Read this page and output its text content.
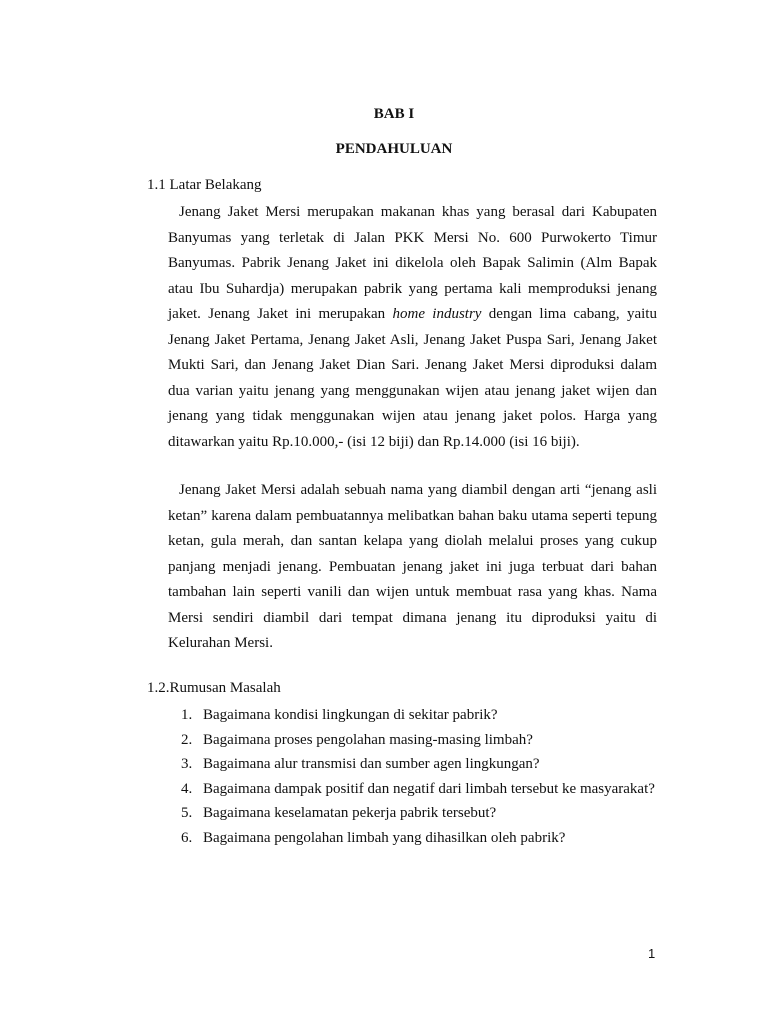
BAB I
PENDAHULUAN
1.1 Latar Belakang
Jenang Jaket Mersi merupakan makanan khas yang berasal dari Kabupaten Banyumas yang terletak di Jalan PKK Mersi No. 600 Purwokerto Timur Banyumas. Pabrik Jenang Jaket ini dikelola oleh Bapak Salimin (Alm Bapak atau Ibu Suhardja) merupakan pabrik yang pertama kali memproduksi jenang jaket. Jenang Jaket ini merupakan home industry dengan lima cabang, yaitu Jenang Jaket Pertama, Jenang Jaket Asli, Jenang Jaket Puspa Sari, Jenang Jaket Mukti Sari, dan Jenang Jaket Dian Sari. Jenang Jaket Mersi diproduksi dalam dua varian yaitu jenang yang menggunakan wijen atau jenang jaket wijen dan jenang yang tidak menggunakan wijen atau jenang jaket polos. Harga yang ditawarkan yaitu Rp.10.000,- (isi 12 biji) dan Rp.14.000 (isi 16 biji).
Jenang Jaket Mersi adalah sebuah nama yang diambil dengan arti “jenang asli ketan” karena dalam pembuatannya melibatkan bahan baku utama seperti tepung ketan, gula merah, dan santan kelapa yang diolah melalui proses yang cukup panjang menjadi jenang. Pembuatan jenang jaket ini juga terbuat dari bahan tambahan lain seperti vanili dan wijen untuk membuat rasa yang khas. Nama Mersi sendiri diambil dari tempat dimana jenang itu diproduksi yaitu di Kelurahan Mersi.
1.2.Rumusan Masalah
1. Bagaimana kondisi lingkungan di sekitar pabrik?
2. Bagaimana proses pengolahan masing-masing limbah?
3. Bagaimana alur transmisi dan sumber agen lingkungan?
4. Bagaimana dampak positif dan negatif dari limbah tersebut ke masyarakat?
5. Bagaimana keselamatan pekerja pabrik tersebut?
6. Bagaimana pengolahan limbah yang dihasilkan oleh pabrik?
1
